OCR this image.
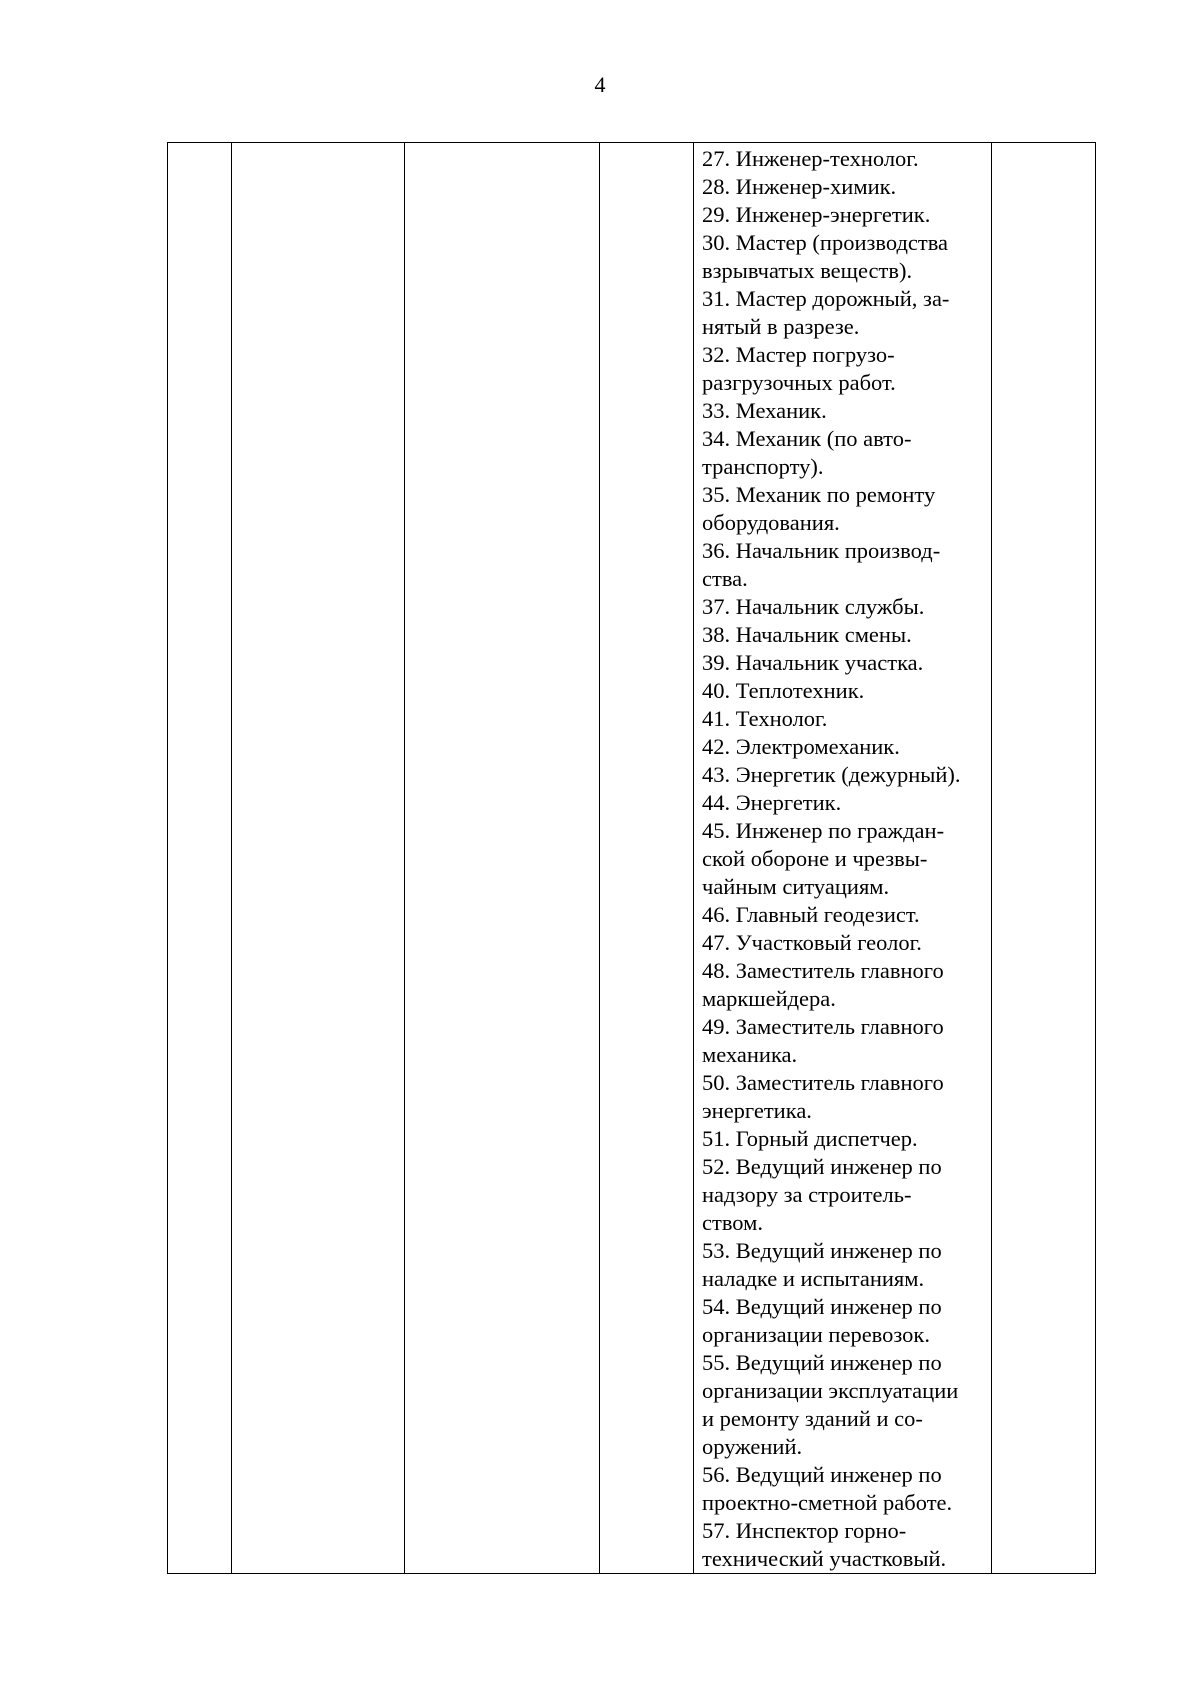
4

27. Инженер-технолог.
28. Инженер-химик.
29. Инженер-энергетик.
30. Мастер (производства
взрывчатых веществ).
31. Мастер дорожный, за-
нятый в разрезе.
32. Мастер погрузо-
разгрузочных работ.
33. Механик.
34. Механик (по авто-
транспорту).
35. Механик по ремонту
оборудования.
36. Начальник производ-
ства.
37. Начальник службы.
38. Начальник смены.
39. Начальник участка.
40. Теплотехник.
41. Технолог.
42. Электромеханик.
43. Энергетик (дежурный).
44. Энергетик.
45. Инженер по граждан-
ской обороне и чрезвы-
чайным ситуациям.
46. Главный геодезист.
47. Участковый геолог.
48. Заместитель главного
маркшейдера.
49. Заместитель главного
механика.
50. Заместитель главного
энергетика.
51. Горный диспетчер.
52. Ведущий инженер по
надзору за строитель-
ством.
53. Ведущий инженер по
наладке и испытаниям.
54. Ведущий инженер по
организации перевозок.
55. Ведущий инженер по
организации эксплуатации
и ремонту зданий и со-
оружений.
56. Ведущий инженер по
проектно-сметной работе.
57. Инспектор горно-
технический участковый.
